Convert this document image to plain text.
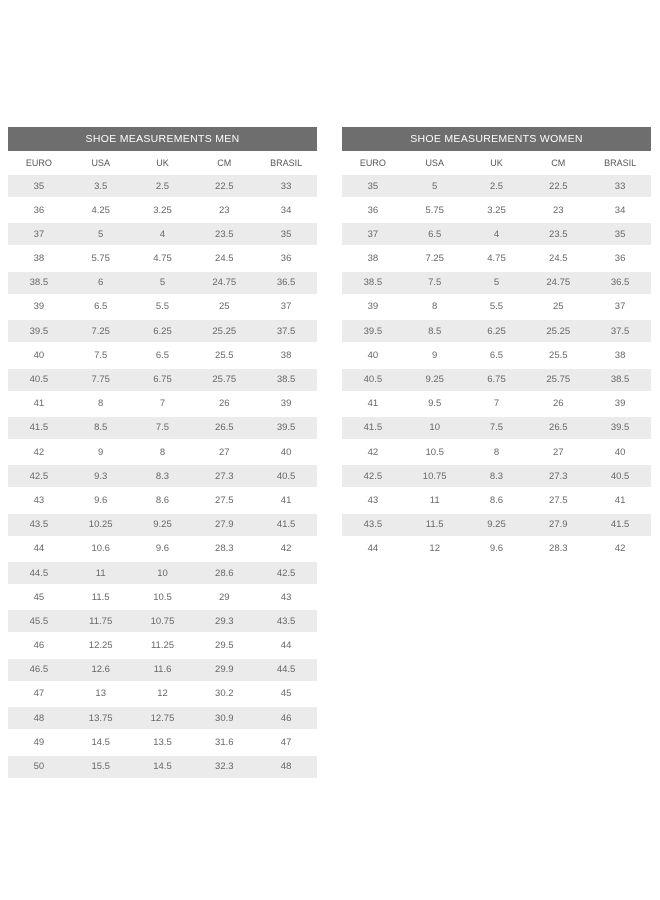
SHOE MEASUREMENTS MEN
EURO	USA	UK	CM	BRASIL
35	3.5	2.5	22.5	33
36	4.25	3.25	23	34
37	5	4	23.5	35
38	5.75	4.75	24.5	36
38.5	6	5	24.75	36.5
39	6.5	5.5	25	37
39.5	7.25	6.25	25.25	37.5
40	7.5	6.5	25.5	38
40.5	7.75	6.75	25.75	38.5
41	8	7	26	39
41.5	8.5	7.5	26.5	39.5
42	9	8	27	40
42.5	9.3	8.3	27.3	40.5
43	9.6	8.6	27.5	41
43.5	10.25	9.25	27.9	41.5
44	10.6	9.6	28.3	42
44.5	11	10	28.6	42.5
45	11.5	10.5	29	43
45.5	11.75	10.75	29.3	43.5
46	12.25	11.25	29.5	44
46.5	12.6	11.6	29.9	44.5
47	13	12	30.2	45
48	13.75	12.75	30.9	46
49	14.5	13.5	31.6	47
50	15.5	14.5	32.3	48
SHOE MEASUREMENTS WOMEN
EURO	USA	UK	CM	BRASIL
35	5	2.5	22.5	33
36	5.75	3.25	23	34
37	6.5	4	23.5	35
38	7.25	4.75	24.5	36
38.5	7.5	5	24.75	36.5
39	8	5.5	25	37
39.5	8.5	6.25	25.25	37.5
40	9	6.5	25.5	38
40.5	9.25	6.75	25.75	38.5
41	9.5	7	26	39
41.5	10	7.5	26.5	39.5
42	10.5	8	27	40
42.5	10.75	8.3	27.3	40.5
43	11	8.6	27.5	41
43.5	11.5	9.25	27.9	41.5
44	12	9.6	28.3	42
